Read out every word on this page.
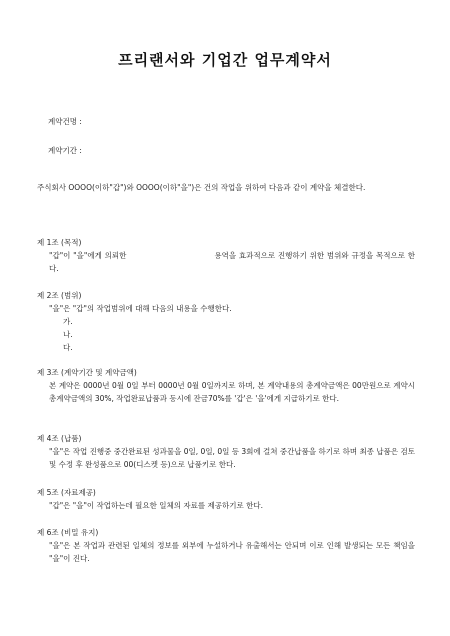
프리랜서와 기업간 업무계약서
계약건명 :
계약기간 :

주식회사 OOOO(이하"갑")와 OOOO(이하"을")은 건의 작업을 위하여 다음과 같이 계약을 체결한다.

제 1조 (목적)

"갑"이 "을"에게 의뢰한	용역을 효과적으로 진행하기 위한 범위와 규정을 목적으로 한다.

제 2조 (범위)

"을"은 "갑"의 작업범위에 대해 다음의 내용을 수행한다.

가.

나.

다.

제 3조 (계약기간 및 계약금액)

본 계약은 0000년 0월 0일 부터 0000년 0월 0일까지로 하며, 본 계약내용의 총계약금액은 00만원으로 계약시 총계약금액의 30%, 작업완료납품과 동시에 잔금70%를 '갑'은 '을'에게 지급하기로 한다.

제 4조 (납품)

"을"은 작업 진행중 중간완료된 성과물을 0일, 0일, 0일 등 3회에 걸쳐 중간납품을 하기로 하며 최종 납품은 검토 및 수정 후 완성품으로 00(디스켓 등)으로 납품키로 한다.

제 5조 (자료제공)

"갑"은 "을"이 작업하는데 필요한 일체의 자료를 제공하기로 한다.

제 6조 (비밀 유지)

"을"은 본 작업과 관련된 일체의 정보를 외부에 누설하거나 유출해서는 안되며 이로 인해 발생되는 모든 책임을 "을"이 진다.
